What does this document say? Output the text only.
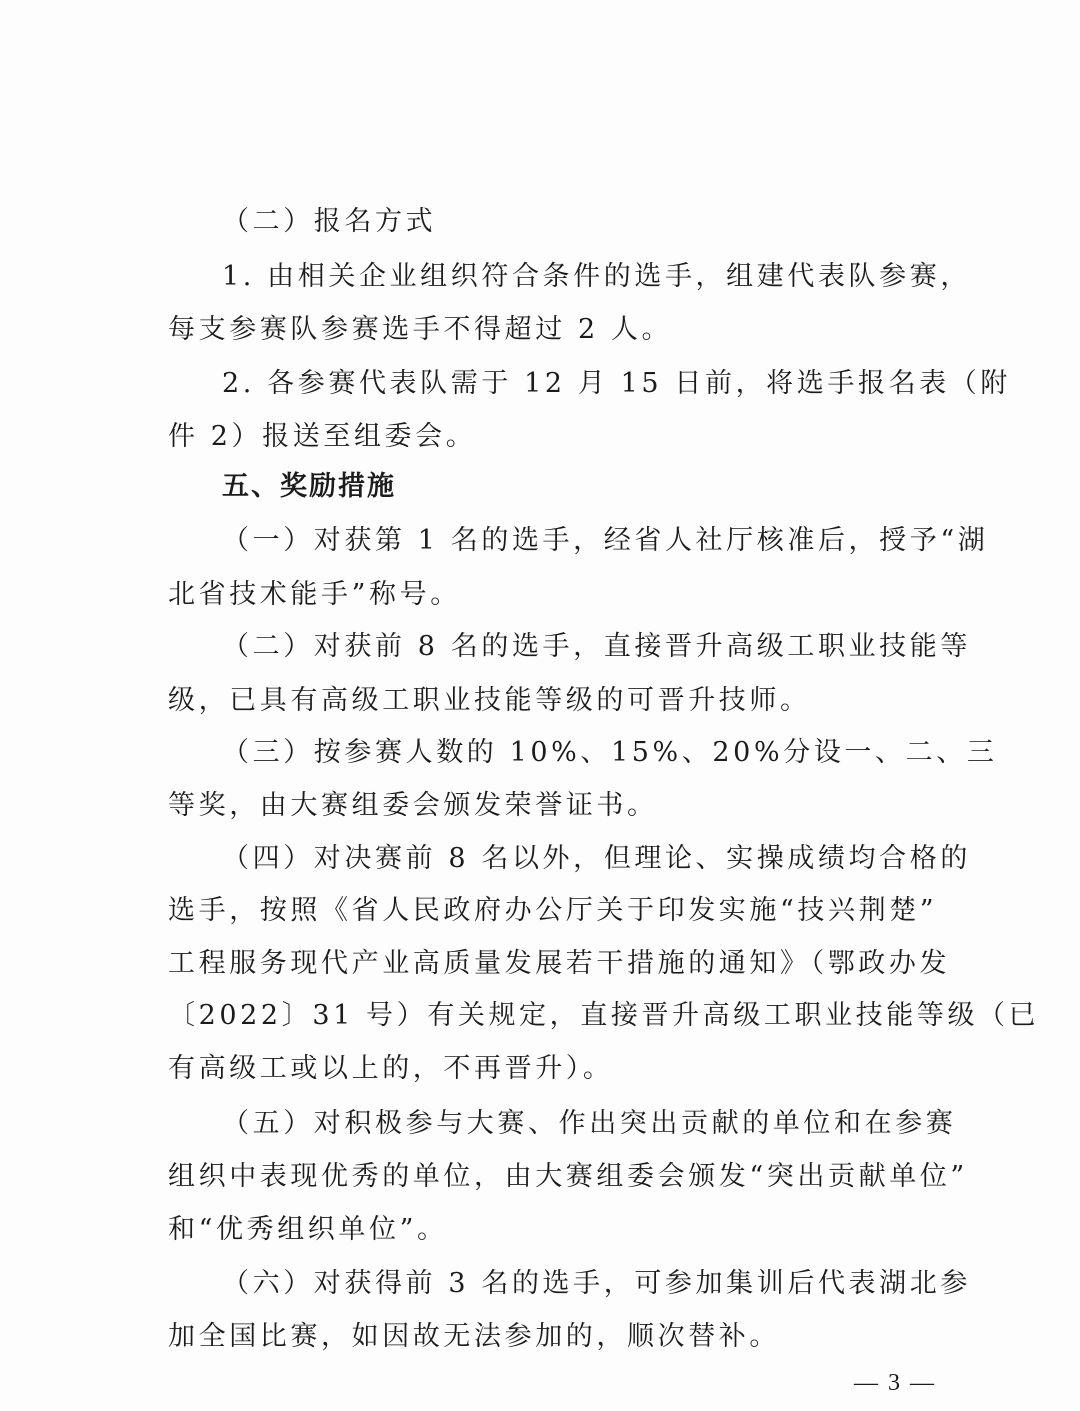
（二）报名方式
1. 由相关企业组织符合条件的选手，组建代表队参赛，
每支参赛队参赛选手不得超过 2 人。
2. 各参赛代表队需于 12 月 15 日前，将选手报名表（附
件 2）报送至组委会。
五、奖励措施
（一）对获第 1 名的选手，经省人社厅核准后，授予“湖
北省技术能手”称号。
（二）对获前 8 名的选手，直接晋升高级工职业技能等
级，已具有高级工职业技能等级的可晋升技师。
（三）按参赛人数的 10%、15%、20%分设一、二、三
等奖，由大赛组委会颁发荣誉证书。
（四）对决赛前 8 名以外，但理论、实操成绩均合格的
选手，按照《省人民政府办公厅关于印发实施“技兴荆楚”
工程服务现代产业高质量发展若干措施的通知》（鄂政办发
〔2022〕31 号）有关规定，直接晋升高级工职业技能等级（已
有高级工或以上的，不再晋升）。
（五）对积极参与大赛、作出突出贡献的单位和在参赛
组织中表现优秀的单位，由大赛组委会颁发“突出贡献单位”
和“优秀组织单位”。
（六）对获得前 3 名的选手，可参加集训后代表湖北参
加全国比赛，如因故无法参加的，顺次替补。
— 3 —
